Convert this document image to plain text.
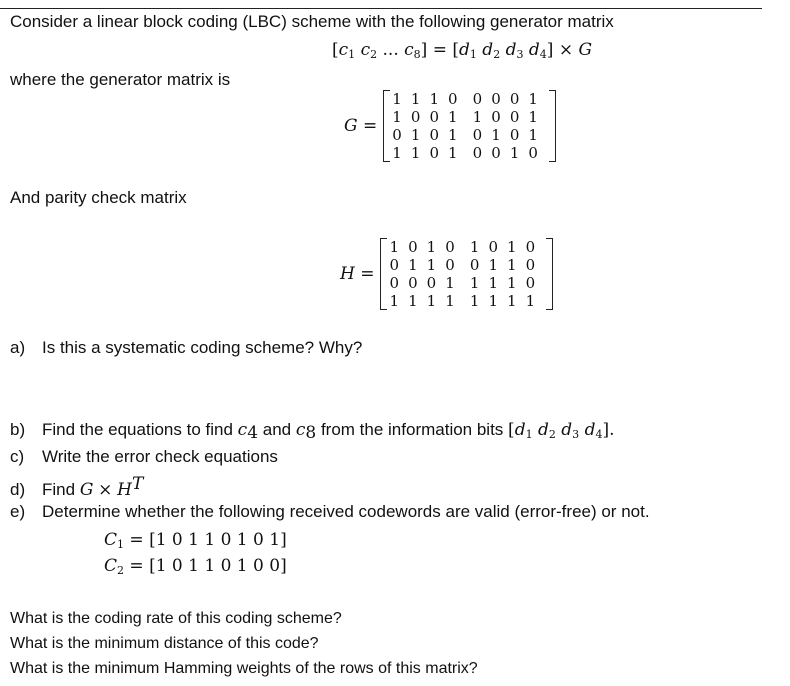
Consider a linear block coding (LBC) scheme with the following generator matrix
[$c_1$ $c_2$ ... $c_8] = [d_1$ $d_2$ $d_3$ $d_4] \times G$
where the generator matrix is
G =
1 1 1 0	0 0 0 1
1 0 0 1	1 0 0 1
0 1 0 1	0 1 0 1
1 1 0 1	0 0 1 0
And parity check matrix
H =
1 0 1 0	1 0 1 0
0 1 1 0	0 1 1 0
0 0 0 1	1 1 1 0
1 1 1 1	1 1 1 1
a) Is this a systematic coding scheme? Why?
b) Find the equations to find $c_4$ and $c_8$ from the information bits [$d_1$ $d_2$ $d_3$ $d_4$].
c) Write the error check equations
d) Find $G \times H^T$
e) Determine whether the following received codewords are valid (error-free) or not.
$C_1 = [1$ 0 1 1 0 1 0 1]
$C_2 = [1$ 0 1 1 0 1 0 0]
What is the coding rate of this coding scheme?
What is the minimum distance of this code?
What is the minimum Hamming weights of the rows of this matrix?
